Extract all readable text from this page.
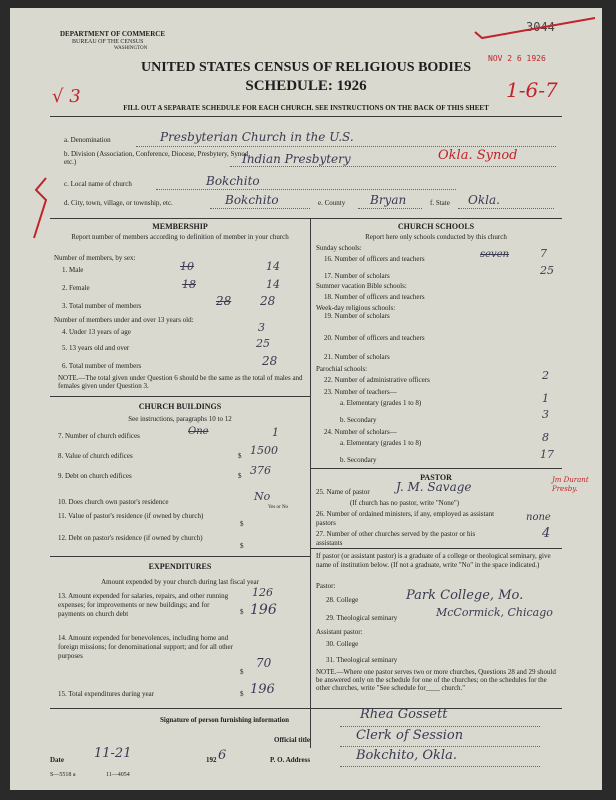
DEPARTMENT OF COMMERCE
BUREAU OF THE CENSUS
WASHINGTON
UNITED STATES CENSUS OF RELIGIOUS BODIES
SCHEDULE: 1926
FILL OUT A SEPARATE SCHEDULE FOR EACH CHURCH. SEE INSTRUCTIONS ON THE BACK OF THIS SHEET
3044
NOV 2 6 1926
√ 3	1-6-7
a. Denomination	Presbyterian Church in the U.S.
b. Division (Association, Conference, Diocese, Presbytery, Synod, etc.)	Indian Presbytery	Okla. Synod
c. Local name of church	Bokchito
d. City, town, village, or township, etc.	Bokchito	e. County Bryan	f. State Okla.
MEMBERSHIP
Report number of members according to definition of member in your church
Number of members, by sex:
1. Male	10	14
2. Female	18	14
3. Total number of members	28 28
Number of members under and over 13 years old:
4. Under 13 years of age	3
5. 13 years old and over	25
6. Total number of members	28
NOTE.—The total given under Question 6 should be the same as the total of males and females given under Question 3.
CHURCH BUILDINGS
See instructions, paragraphs 10 to 12
7. Number of church edifices	One	1
8. Value of church edifices	$ 1500
9. Debt on church edifices	$ 376
10. Does church own pastor's residence	No
Yes or No
11. Value of pastor's residence (if owned by church)
$
12. Debt on pastor's residence (if owned by church)
$
EXPENDITURES
Amount expended by your church during last fiscal year
13. Amount expended for salaries, repairs, and other running expenses; for improvements or new buildings; and for payments on church debt	$
126
196
14. Amount expended for benevolences, including home and foreign missions; for denominational support; and for all other purposes
$
70
15. Total expenditures during year	$ 196
CHURCH SCHOOLS
Report here only schools conducted by this church
Sunday schools:
16. Number of officers and teachers	seven	7
17. Number of scholars	25
Summer vacation Bible schools:
18. Number of officers and teachers
Week-day religious schools:
19. Number of scholars
20. Number of officers and teachers
21. Number of scholars
Parochial schools:
22. Number of administrative officers	2
23. Number of teachers—
a. Elementary (grades 1 to 8)	1
b. Secondary	3
24. Number of scholars—
a. Elementary (grades 1 to 8)	8
b. Secondary	17
PASTOR
25. Name of pastor J. M. Savage	Jm Durant Presby.
(If church has no pastor, write "None")
26. Number of ordained ministers, if any, employed as assistant pastors	none
27. Number of other churches served by the pastor or his assistants
4
If pastor (or assistant pastor) is a graduate of a college or theological seminary, give name of institution below. (If not a graduate, write "No" in the space indicated.)
Pastor:
28. College	Park College, Mo.
29. Theological seminary	McCormick, Chicago
Assistant pastor:
30. College
31. Theological seminary
NOTE.—Where one pastor serves two or more churches, Questions 28 and 29 should be answered only on the schedule for one of the churches; on the schedules for the other churches, write "See schedule for____ church."
Signature of person furnishing information	Rhea Gossett
Official title	Clerk of Session
Date 11-21	192 6	P. O. Address	Bokchito, Okla.
S—5518 a	11—4054
